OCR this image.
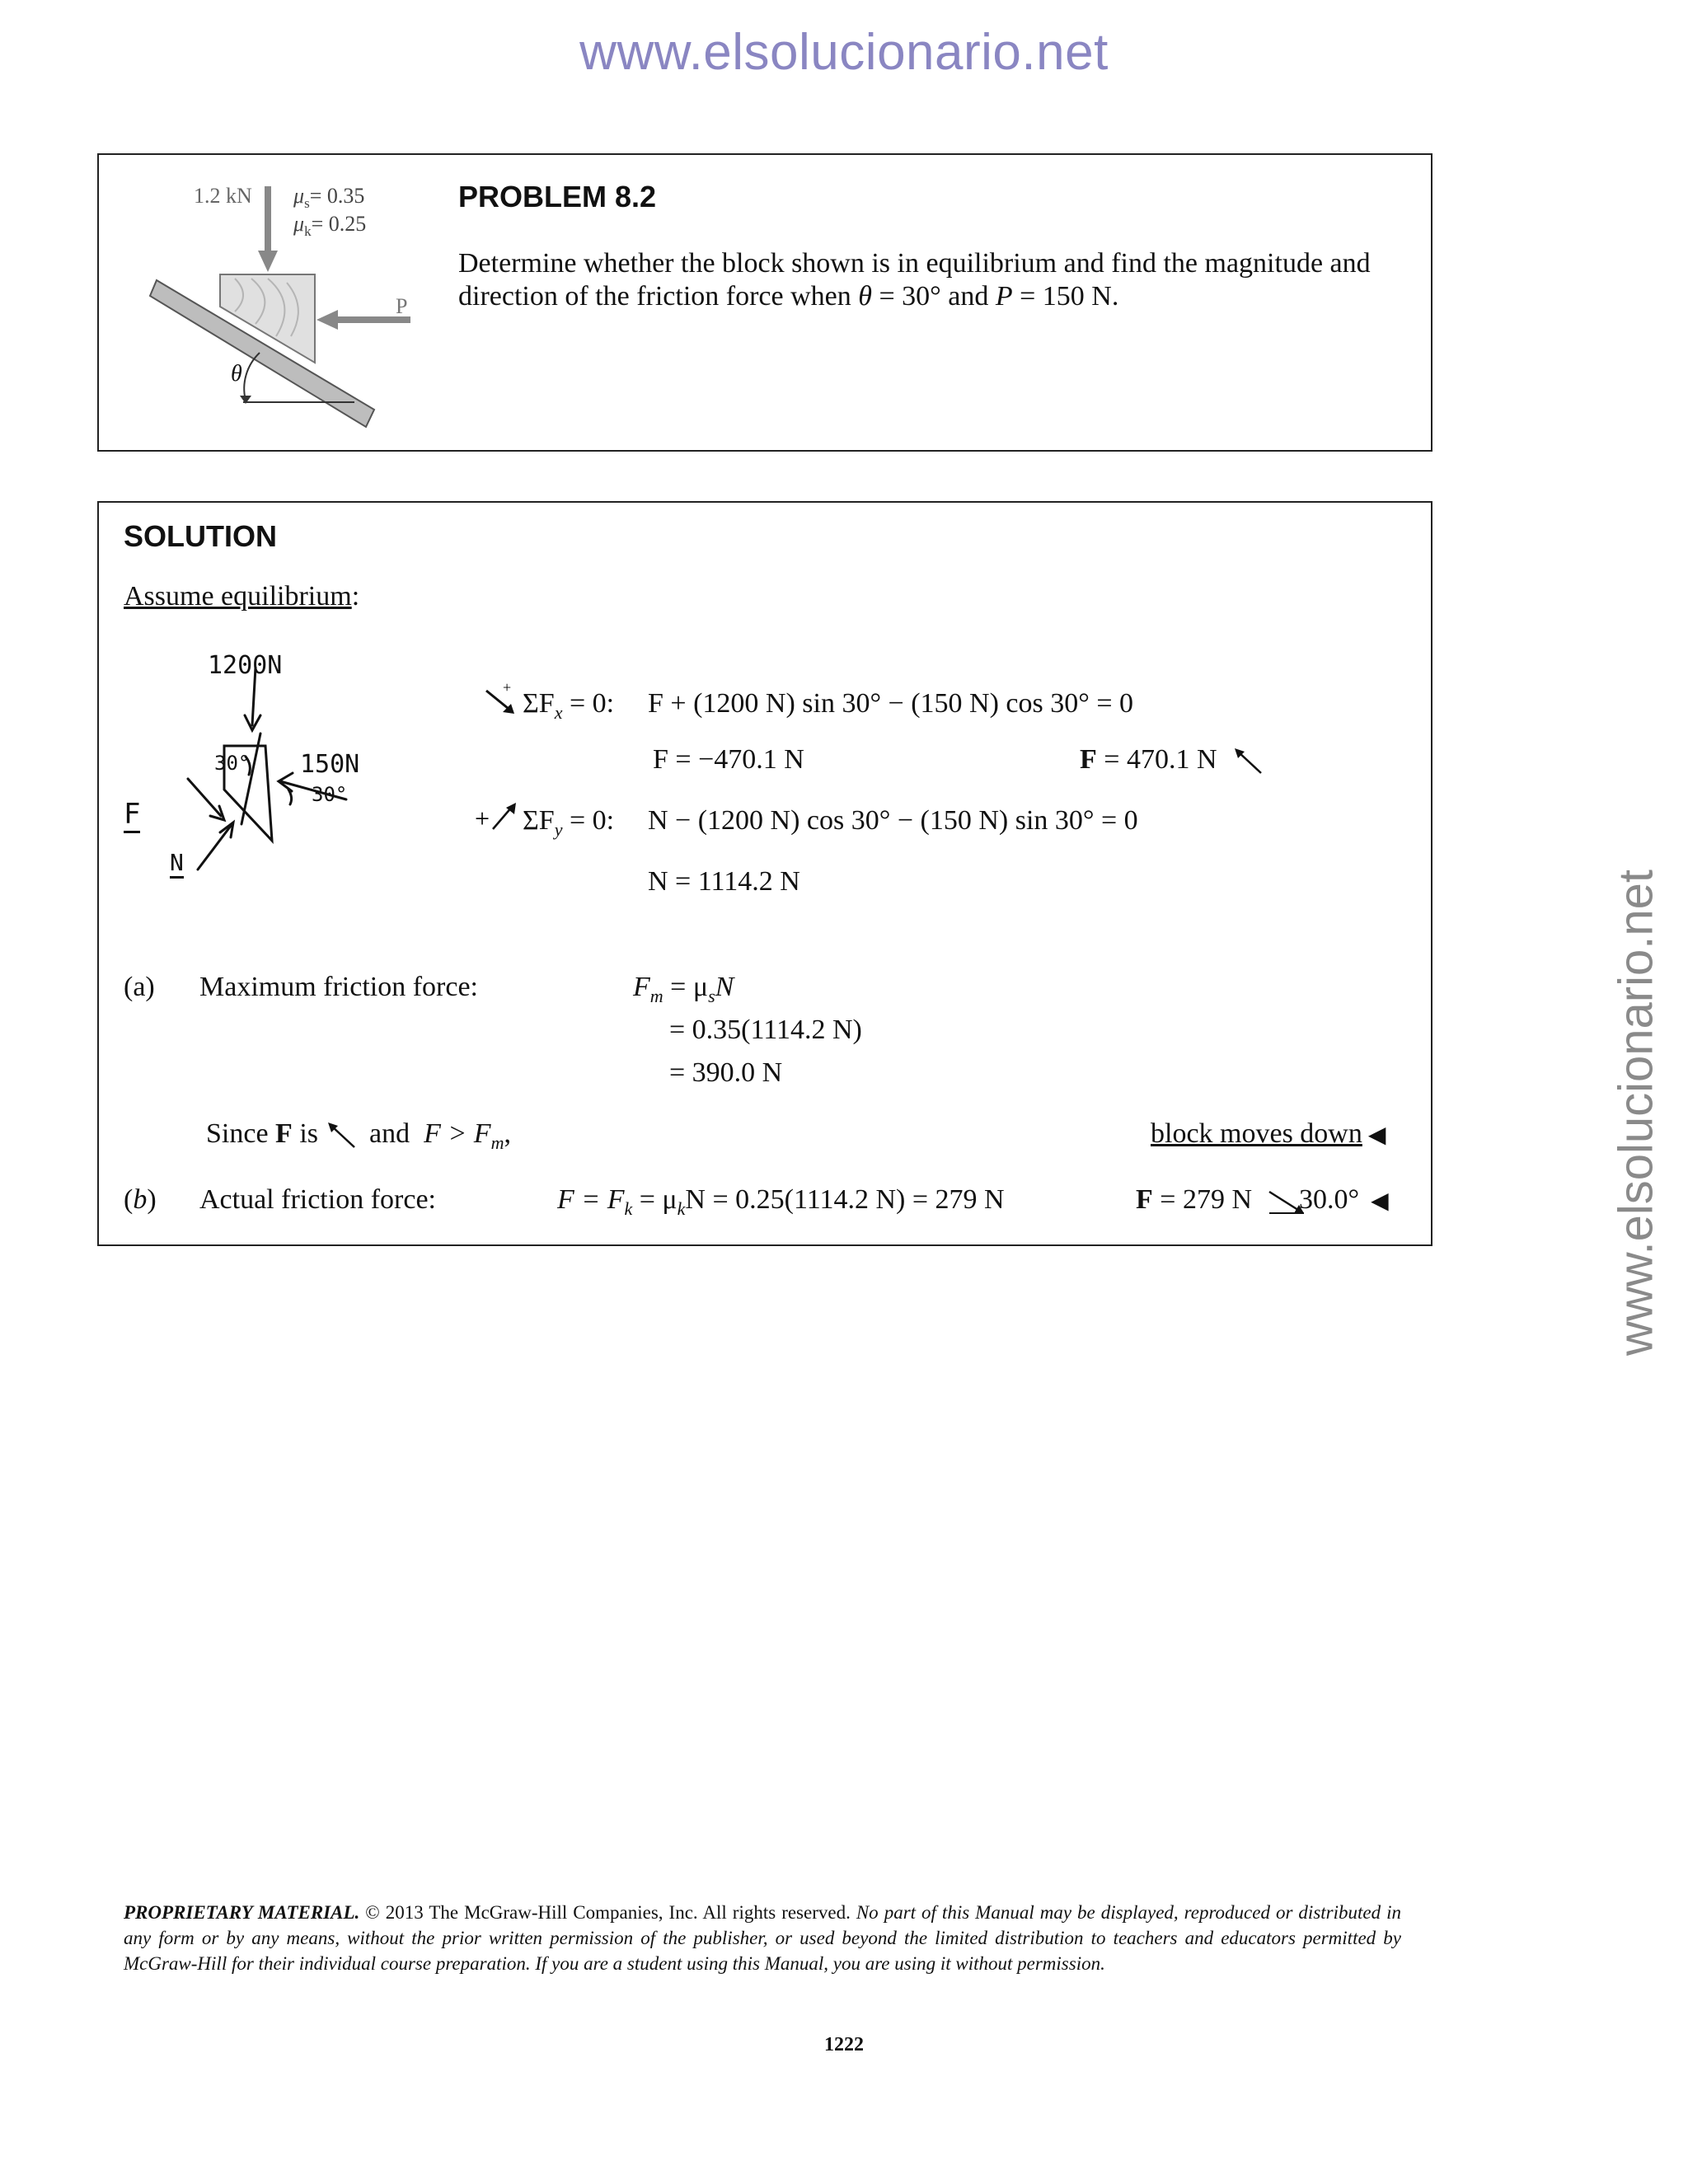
www.elsolucionario.net
www.elsolucionario.net
1.2 kN $\mu_s= 0.35$
$\mu_k= 0.25$
P
θ
PROBLEM 8.2
Determine whether the block shown is in equilibrium and find the magnitude and
direction of the friction force when θ = 30° and P = 150 N.
SOLUTION
Assume equilibrium:
1200N
150N
30°
30°
F
N
+
$\Sigma F_x = 0$: F + (1200 N) sin 30° − (150 N) cos 30° = 0
F = −470.1 N	F = 470.1 N
+ $\Sigma F_y = 0$: N − (1200 N) cos 30° − (150 N) sin 30° = 0
N = 1114.2 N
(a) Maximum friction force:	$F_m = \mu_sN$
= 0.35(1114.2 N)
= 390.0 N
Since F is and $F > F_m$,	block moves down ◀
(b) Actual friction force:	$F = F_k = \mu_kN = 0.25(1114.2$ N) = 279 N	F = 279 N 30.0°  ◀
PROPRIETARY MATERIAL. © 2013 The McGraw-Hill Companies, Inc. All rights reserved. No part of this Manual may be displayed, reproduced or distributed in any form or by any means, without the prior written permission of the publisher, or used beyond the limited distribution to teachers and educators permitted by McGraw-Hill for their individual course preparation. If you are a student using this Manual, you are using it without permission.
1222
